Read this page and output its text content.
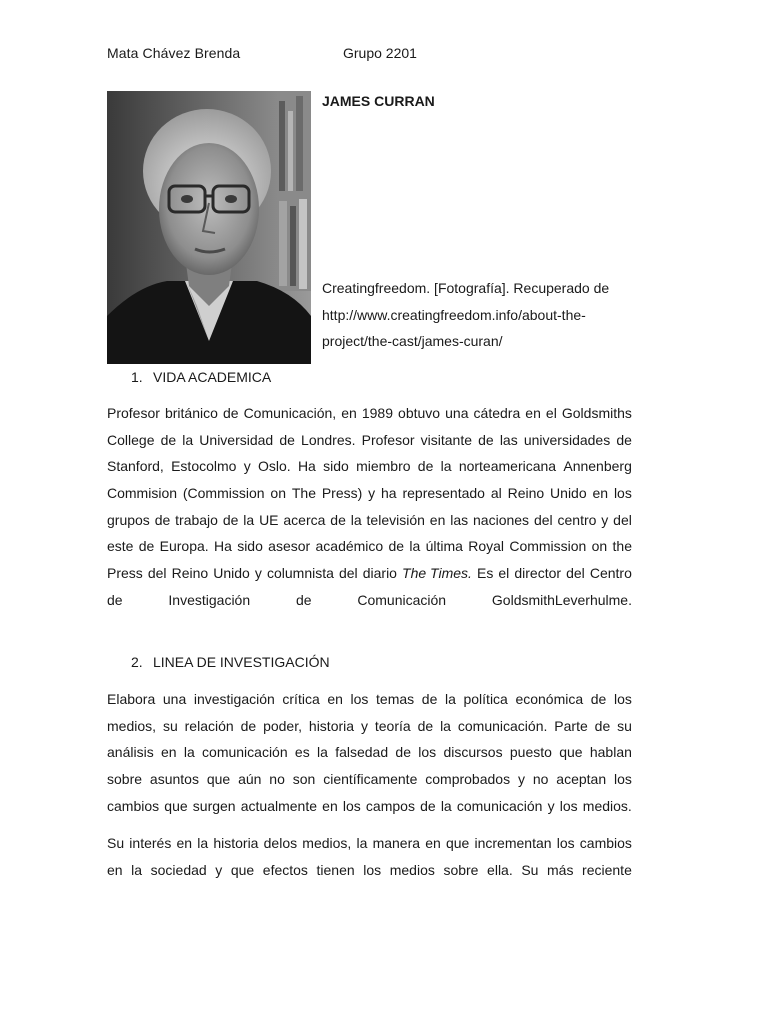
Mata Chávez Brenda	Grupo 2201
JAMES CURRAN
Creatingfreedom. [Fotografía]. Recuperado de
http://www.creatingfreedom.info/about-the-
project/the-cast/james-curan/
1. VIDA ACADEMICA
Profesor británico de Comunicación, en 1989 obtuvo una cátedra en el Goldsmiths
College de la Universidad de Londres. Profesor visitante de las universidades de
Stanford, Estocolmo y Oslo. Ha sido miembro de la norteamericana Annenberg
Commision (Commission on The Press) y ha representado al Reino Unido en los
grupos de trabajo de la UE acerca de la televisión en las naciones del centro y del
este de Europa. Ha sido asesor académico de la última Royal Commission on the
Press del Reino Unido y columnista del diario The Times. Es el director del Centro
de	Investigación	de	Comunicación	GoldsmithLeverhulme.
2. LINEA DE INVESTIGACIÓN
Elabora una investigación crítica en los temas de la política económica de los
medios, su relación de poder, historia y teoría de la comunicación. Parte de su
análisis en la comunicación es la falsedad de los discursos puesto que hablan
sobre asuntos que aún no son científicamente comprobados y no aceptan los
cambios que surgen actualmente en los campos de la comunicación y los medios.
Su interés en la historia delos medios, la manera en que incrementan los cambios
en la sociedad y que efectos tienen los medios sobre ella. Su más reciente
